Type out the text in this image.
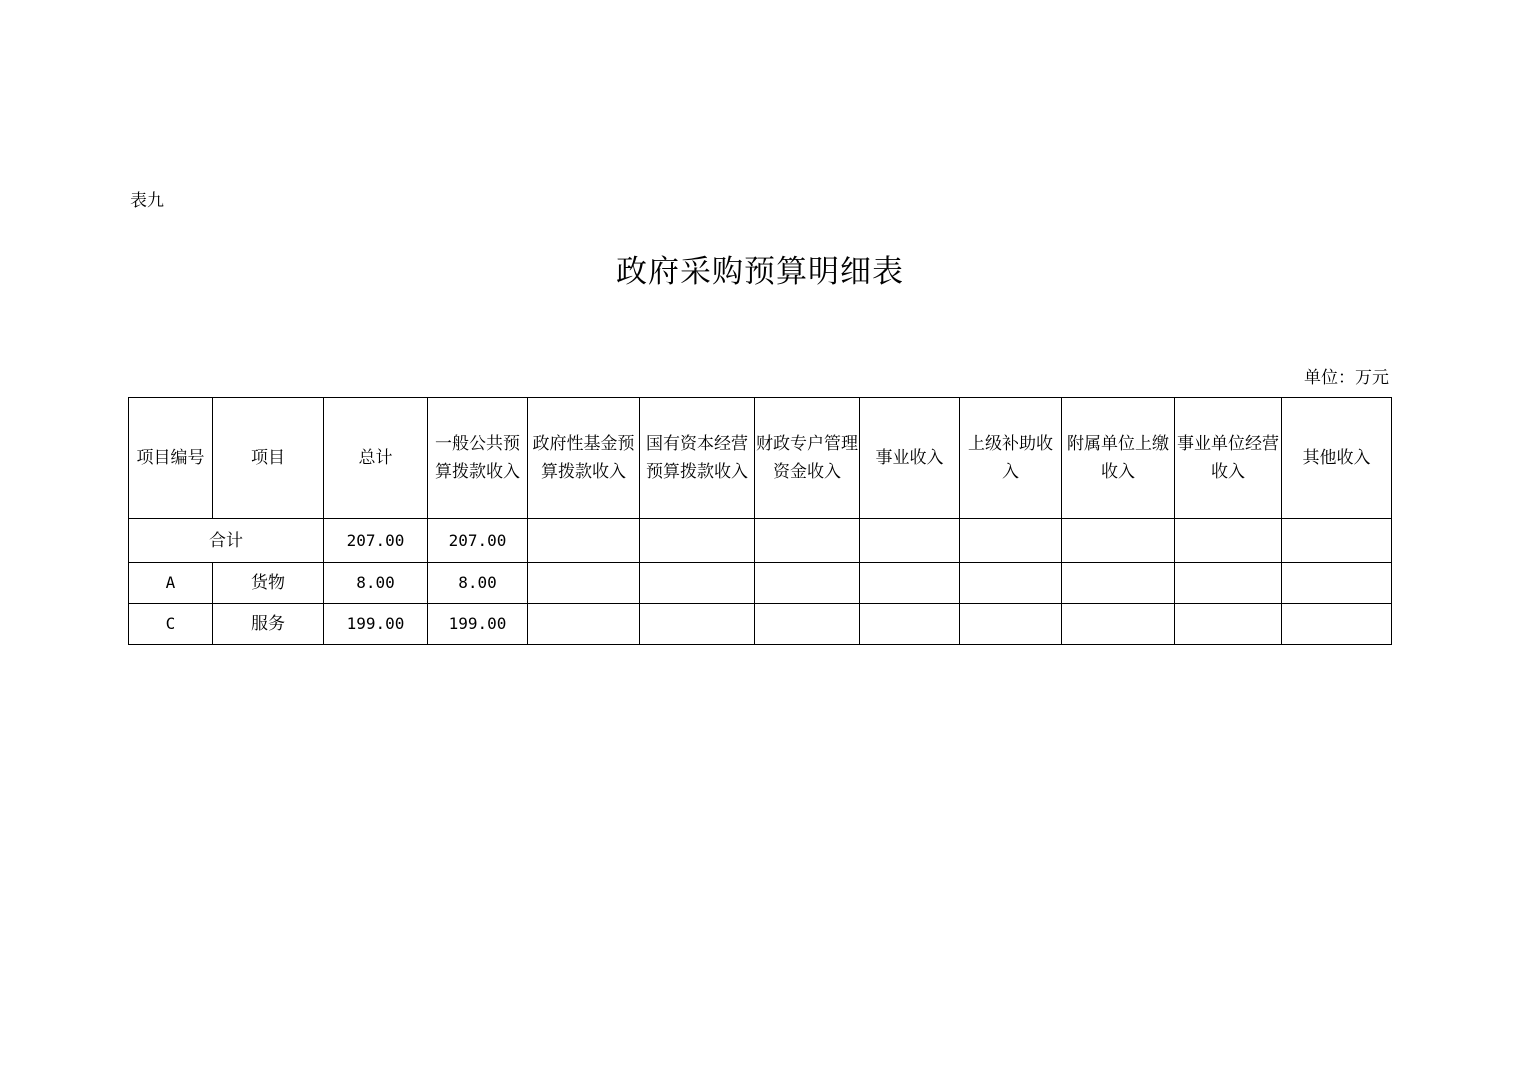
表九
政府采购预算明细表
单位：万元
项目编号	项目	总计	一般公共预算拨款收入	政府性基金预算拨款收入	国有资本经营预算拨款收入	财政专户管理资金收入	事业收入	上级补助收入	附属单位上缴收入	事业单位经营收入	其他收入
合计		207.00	207.00								
A	货物	8.00	8.00								
C	服务	199.00	199.00								
